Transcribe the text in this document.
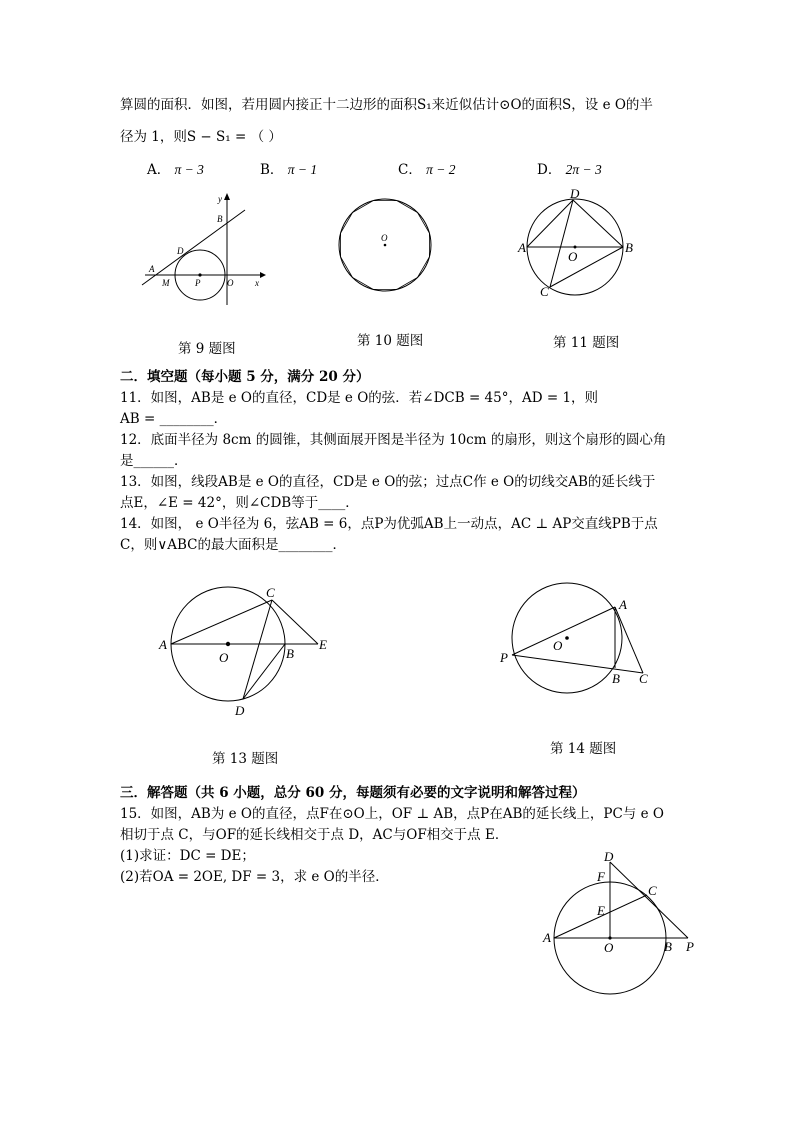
算圆的面积．如图，若用圆内接正十二边形的面积S₁来近似估计⊙O的面积S，设 e O的半
径为 1，则S − S₁ = （ ）
A． π − 3	B． π − 1	C． π − 2	D． 2π − 3
y
B
D
A
M	P	O x
O
D
A
O
B
C
第 9 题图	第 10 题图	第 11 题图
二．填空题（每小题 5 分，满分 20 分）
11．如图，AB是 e O的直径，CD是 e O的弦．若∠DCB = 45°，AD = 1，则
AB = ________．
12．底面半径为 8cm 的圆锥，其侧面展开图是半径为 10cm 的扇形，则这个扇形的圆心角
是______．
13．如图，线段AB是 e O的直径，CD是 e O的弦；过点C作 e O的切线交AB的延长线于
点E，∠E = 42°，则∠CDB等于____．
14．如图， e O半径为 6，弦AB = 6，点P为优弧AB上一动点，AC ⊥ AP交直线PB于点
C，则∨ABC的最大面积是________．
C
A
O	B
E
D
A
O
P
B C
第 13 题图
第 14 题图
三．解答题（共 6 小题，总分 60 分，每题须有必要的文字说明和解答过程）
15．如图，AB为 e O的直径，点F在⊙O上，OF ⊥ AB，点P在AB的延长线上，PC与 e O
相切于点 C，与OF的延长线相交于点 D，AC与OF相交于点 E．
(1)求证：DC = DE；
(2)若OA = 2OE, DF = 3，求 e O的半径．
D
F
C
E
A
O	B P
